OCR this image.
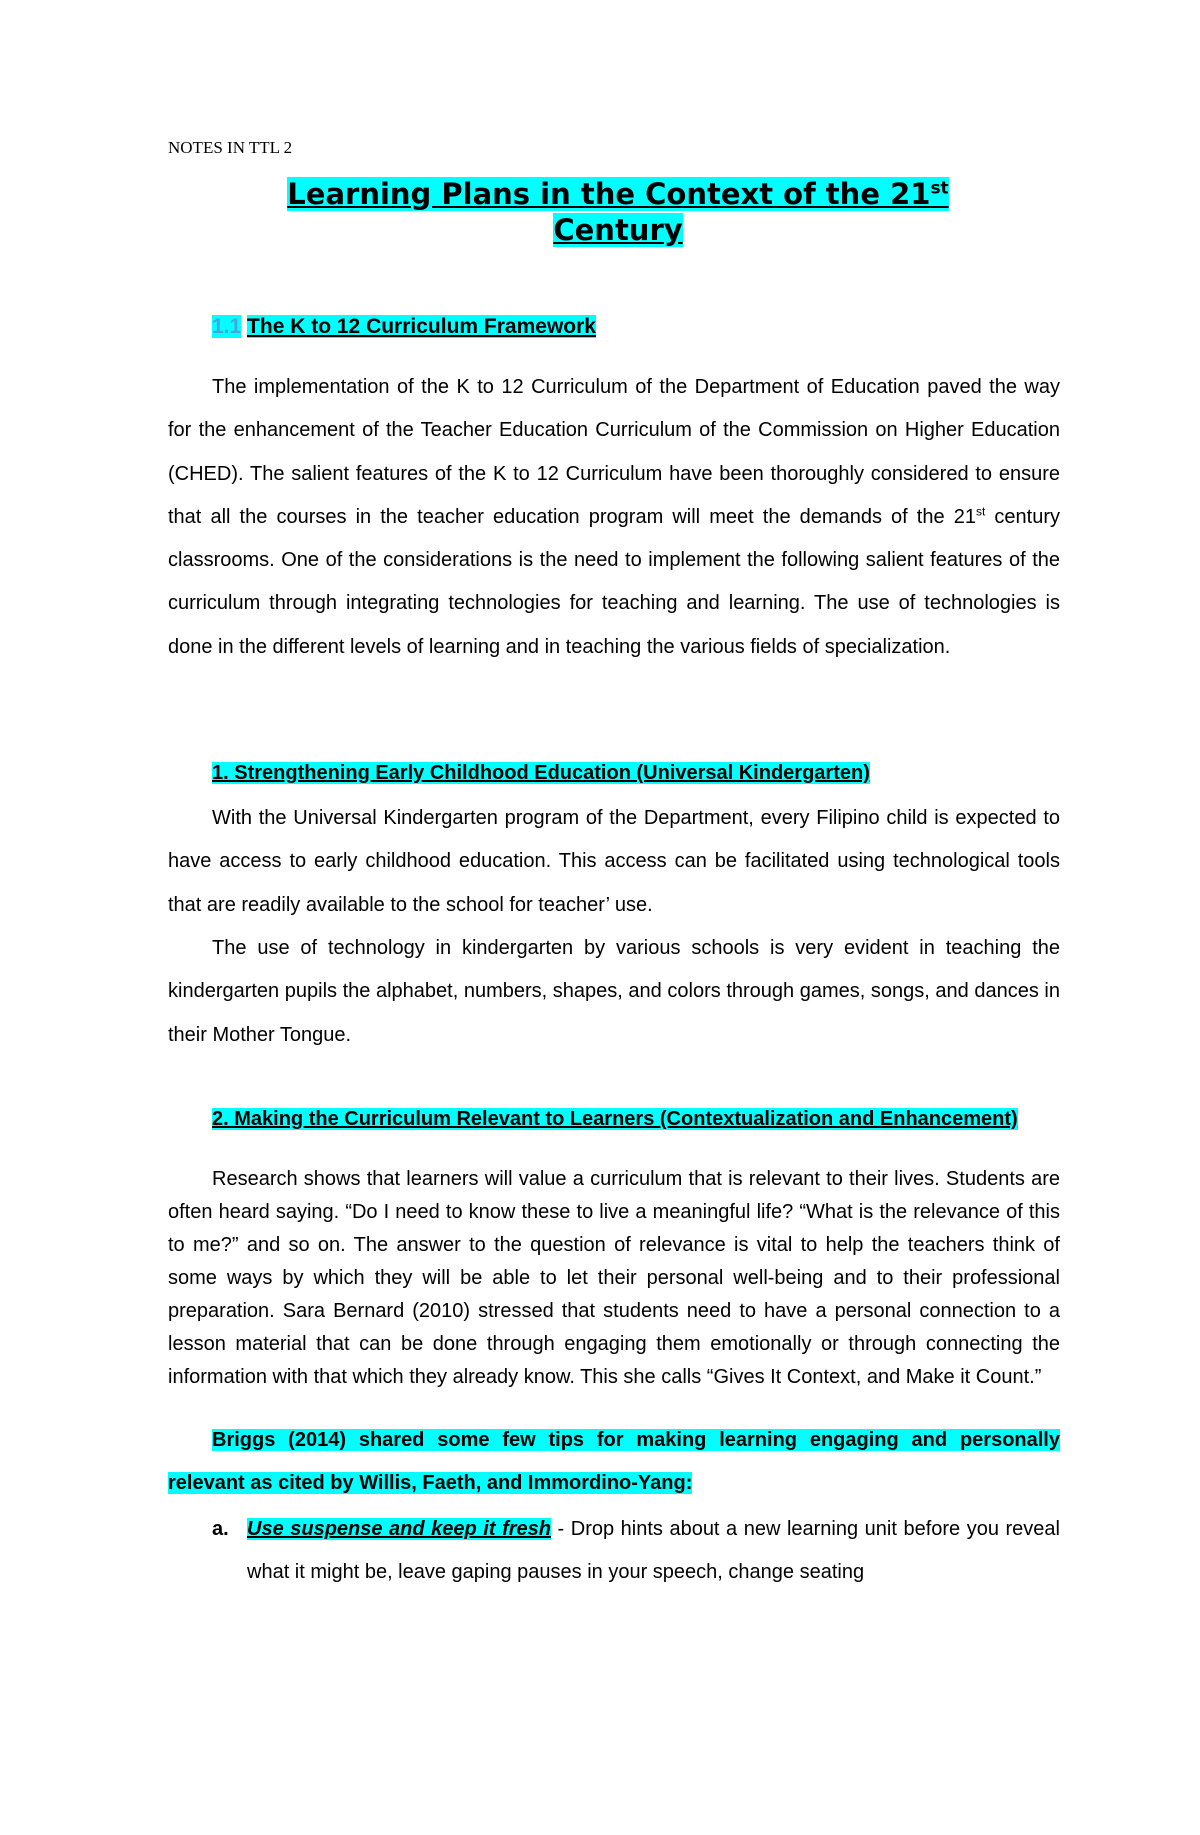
NOTES IN TTL 2
Learning Plans in the Context of the 21st
Century
1.1 The K to 12 Curriculum Framework
The implementation of the K to 12 Curriculum of the Department of Education paved the way for the enhancement of the Teacher Education Curriculum of the Commission on Higher Education (CHED). The salient features of the K to 12 Curriculum have been thoroughly considered to ensure that all the courses in the teacher education program will meet the demands of the 21st century classrooms. One of the considerations is the need to implement the following salient features of the curriculum through integrating technologies for teaching and learning. The use of technologies is done in the different levels of learning and in teaching the various fields of specialization.
1. Strengthening Early Childhood Education (Universal Kindergarten)
With the Universal Kindergarten program of the Department, every Filipino child is expected to have access to early childhood education. This access can be facilitated using technological tools that are readily available to the school for teacher’ use.
The use of technology in kindergarten by various schools is very evident in teaching the kindergarten pupils the alphabet, numbers, shapes, and colors through games, songs, and dances in their Mother Tongue.
2. Making the Curriculum Relevant to Learners (Contextualization and Enhancement)
Research shows that learners will value a curriculum that is relevant to their lives. Students are often heard saying. “Do I need to know these to live a meaningful life? “What is the relevance of this to me?” and so on. The answer to the question of relevance is vital to help the teachers think of some ways by which they will be able to let their personal well-being and to their professional preparation. Sara Bernard (2010) stressed that students need to have a personal connection to a lesson material that can be done through engaging them emotionally or through connecting the information with that which they already know. This she calls “Gives It Context, and Make it Count.”
Briggs (2014) shared some few tips for making learning engaging and personally relevant as cited by Willis, Faeth, and Immordino-Yang:
a. Use suspense and keep it fresh - Drop hints about a new learning unit before you reveal what it might be, leave gaping pauses in your speech, change seating
